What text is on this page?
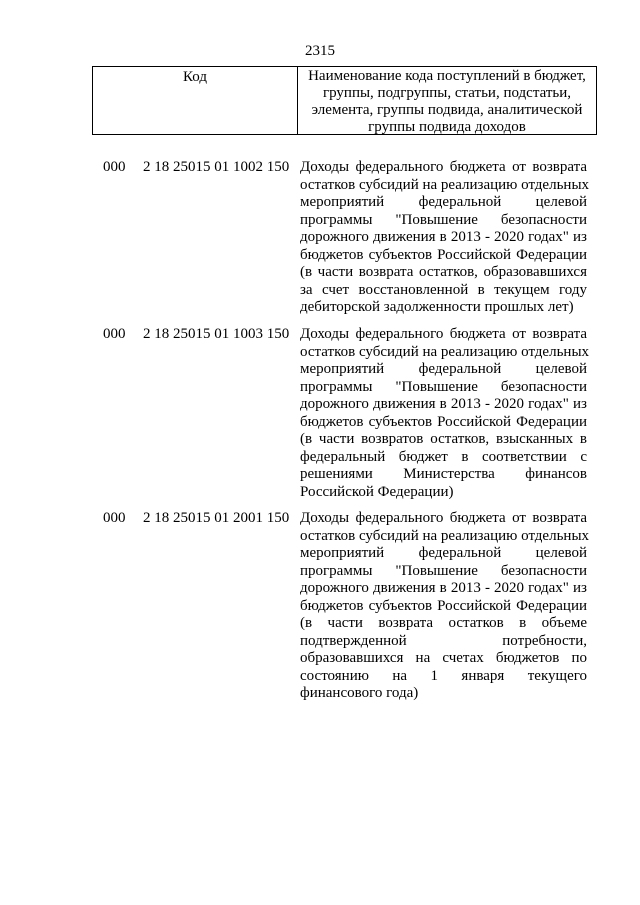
2315
Код	Наименование кода поступлений в бюджет, группы, подгруппы, статьи, подстатьи, элемента, группы подвида, аналитической группы подвида доходов
000 2 18 25015 01 1002 150 Доходы федерального бюджета от возврата
остатков субсидий на реализацию отдельных
мероприятий федеральной целевой
программы "Повышение безопасности
дорожного движения в 2013 - 2020 годах" из
бюджетов субъектов Российской Федерации
(в части возврата остатков, образовавшихся
за счет восстановленной в текущем году
дебиторской задолженности прошлых лет)
000 2 18 25015 01 1003 150 Доходы федерального бюджета от возврата
остатков субсидий на реализацию отдельных
мероприятий федеральной целевой
программы "Повышение безопасности
дорожного движения в 2013 - 2020 годах" из
бюджетов субъектов Российской Федерации
(в части возвратов остатков, взысканных в
федеральный бюджет в соответствии с
решениями Министерства финансов
Российской Федерации)
000 2 18 25015 01 2001 150 Доходы федерального бюджета от возврата
остатков субсидий на реализацию отдельных
мероприятий федеральной целевой
программы "Повышение безопасности
дорожного движения в 2013 - 2020 годах" из
бюджетов субъектов Российской Федерации
(в части возврата остатков в объеме
подтвержденной потребности,
образовавшихся на счетах бюджетов по
состоянию на 1 января текущего
финансового года)
